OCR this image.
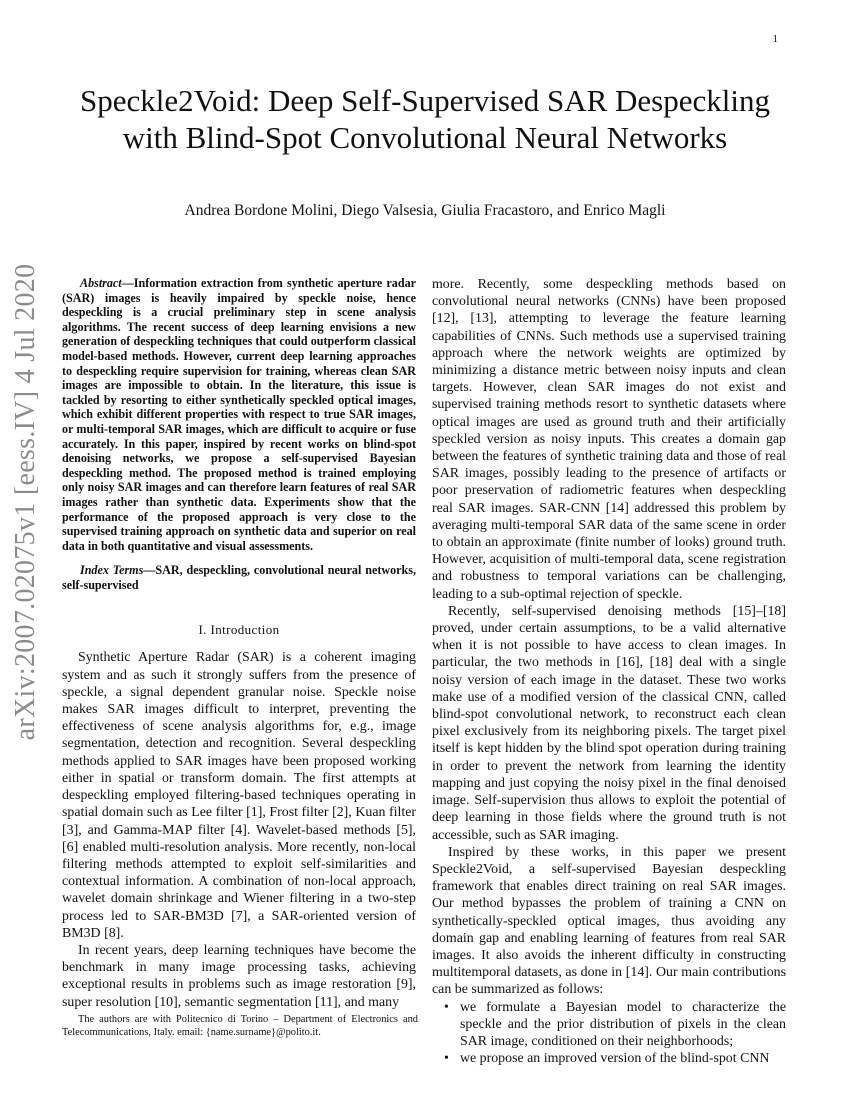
1
arXiv:2007.02075v1 [eess.IV] 4 Jul 2020
Speckle2Void: Deep Self-Supervised SAR Despeckling with Blind-Spot Convolutional Neural Networks
Andrea Bordone Molini, Diego Valsesia, Giulia Fracastoro, and Enrico Magli

Abstract—Information extraction from synthetic aperture radar (SAR) images is heavily impaired by speckle noise, hence despeckling is a crucial preliminary step in scene analysis algorithms. The recent success of deep learning envisions a new generation of despeckling techniques that could outperform classical model-based methods. However, current deep learning approaches to despeckling require supervision for training, whereas clean SAR images are impossible to obtain. In the literature, this issue is tackled by resorting to either synthetically speckled optical images, which exhibit different properties with respect to true SAR images, or multi-temporal SAR images, which are difficult to acquire or fuse accurately. In this paper, inspired by recent works on blind-spot denoising networks, we propose a self-supervised Bayesian despeckling method. The proposed method is trained employing only noisy SAR images and can therefore learn features of real SAR images rather than synthetic data. Experiments show that the performance of the proposed approach is very close to the supervised training approach on synthetic data and superior on real data in both quantitative and visual assessments.

Index Terms—SAR, despeckling, convolutional neural networks, self-supervised

I. Introduction

Synthetic Aperture Radar (SAR) is a coherent imaging system and as such it strongly suffers from the presence of speckle, a signal dependent granular noise. Speckle noise makes SAR images difficult to interpret, preventing the effectiveness of scene analysis algorithms for, e.g., image segmentation, detection and recognition. Several despeckling methods applied to SAR images have been proposed working either in spatial or transform domain. The first attempts at despeckling employed filtering-based techniques operating in spatial domain such as Lee filter [1], Frost filter [2], Kuan filter [3], and Gamma-MAP filter [4]. Wavelet-based methods [5], [6] enabled multi-resolution analysis. More recently, non-local filtering methods attempted to exploit self-similarities and contextual information. A combination of non-local approach, wavelet domain shrinkage and Wiener filtering in a two-step process led to SAR-BM3D [7], a SAR-oriented version of BM3D [8].

In recent years, deep learning techniques have become the benchmark in many image processing tasks, achieving exceptional results in problems such as image restoration [9], super resolution [10], semantic segmentation [11], and many

more. Recently, some despeckling methods based on convolutional neural networks (CNNs) have been proposed [12], [13], attempting to leverage the feature learning capabilities of CNNs. Such methods use a supervised training approach where the network weights are optimized by minimizing a distance metric between noisy inputs and clean targets. However, clean SAR images do not exist and supervised training methods resort to synthetic datasets where optical images are used as ground truth and their artificially speckled version as noisy inputs. This creates a domain gap between the features of synthetic training data and those of real SAR images, possibly leading to the presence of artifacts or poor preservation of radiometric features when despeckling real SAR images. SAR-CNN [14] addressed this problem by averaging multi-temporal SAR data of the same scene in order to obtain an approximate (finite number of looks) ground truth. However, acquisition of multi-temporal data, scene registration and robustness to temporal variations can be challenging, leading to a sub-optimal rejection of speckle.

Recently, self-supervised denoising methods [15]–[18] proved, under certain assumptions, to be a valid alternative when it is not possible to have access to clean images. In particular, the two methods in [16], [18] deal with a single noisy version of each image in the dataset. These two works make use of a modified version of the classical CNN, called blind-spot convolutional network, to reconstruct each clean pixel exclusively from its neighboring pixels. The target pixel itself is kept hidden by the blind spot operation during training in order to prevent the network from learning the identity mapping and just copying the noisy pixel in the final denoised image. Self-supervision thus allows to exploit the potential of deep learning in those fields where the ground truth is not accessible, such as SAR imaging.

Inspired by these works, in this paper we present Speckle2Void, a self-supervised Bayesian despeckling framework that enables direct training on real SAR images. Our method bypasses the problem of training a CNN on synthetically-speckled optical images, thus avoiding any domain gap and enabling learning of features from real SAR images. It also avoids the inherent difficulty in constructing multitemporal datasets, as done in [14]. Our main contributions can be summarized as follows:

• we formulate a Bayesian model to characterize the speckle and the prior distribution of pixels in the clean SAR image, conditioned on their neighborhoods;
• we propose an improved version of the blind-spot CNN
The authors are with Politecnico di Torino – Department of Electronics and Telecommunications, Italy. email: {name.surname}@polito.it.
